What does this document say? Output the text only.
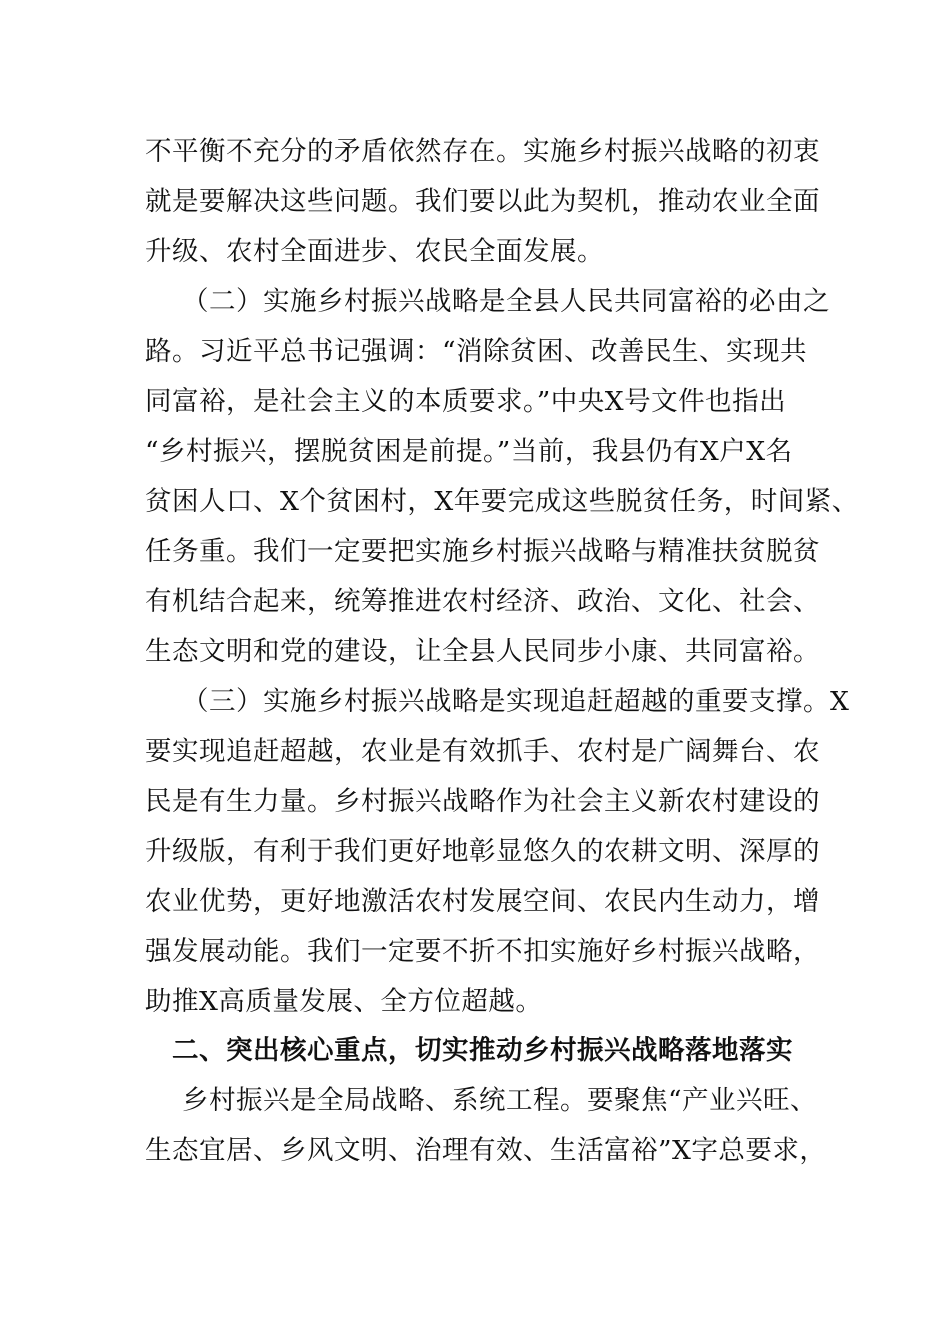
不平衡不充分的矛盾依然存在。实施乡村振兴战略的初衷
就是要解决这些问题。我们要以此为契机，推动农业全面
升级、农村全面进步、农民全面发展。
（二）实施乡村振兴战略是全县人民共同富裕的必由之
路。习近平总书记强调：“消除贫困、改善民生、实现共
同富裕，是社会主义的本质要求。”中央X号文件也指出
“乡村振兴，摆脱贫困是前提。”当前，我县仍有X户X名
贫困人口、X个贫困村，X年要完成这些脱贫任务，时间紧、
任务重。我们一定要把实施乡村振兴战略与精准扶贫脱贫
有机结合起来，统筹推进农村经济、政治、文化、社会、
生态文明和党的建设，让全县人民同步小康、共同富裕。
（三）实施乡村振兴战略是实现追赶超越的重要支撑。X
要实现追赶超越，农业是有效抓手、农村是广阔舞台、农
民是有生力量。乡村振兴战略作为社会主义新农村建设的
升级版，有利于我们更好地彰显悠久的农耕文明、深厚的
农业优势，更好地激活农村发展空间、农民内生动力，增
强发展动能。我们一定要不折不扣实施好乡村振兴战略，
助推X高质量发展、全方位超越。
二、突出核心重点，切实推动乡村振兴战略落地落实
乡村振兴是全局战略、系统工程。要聚焦“产业兴旺、
生态宜居、乡风文明、治理有效、生活富裕”X字总要求，
